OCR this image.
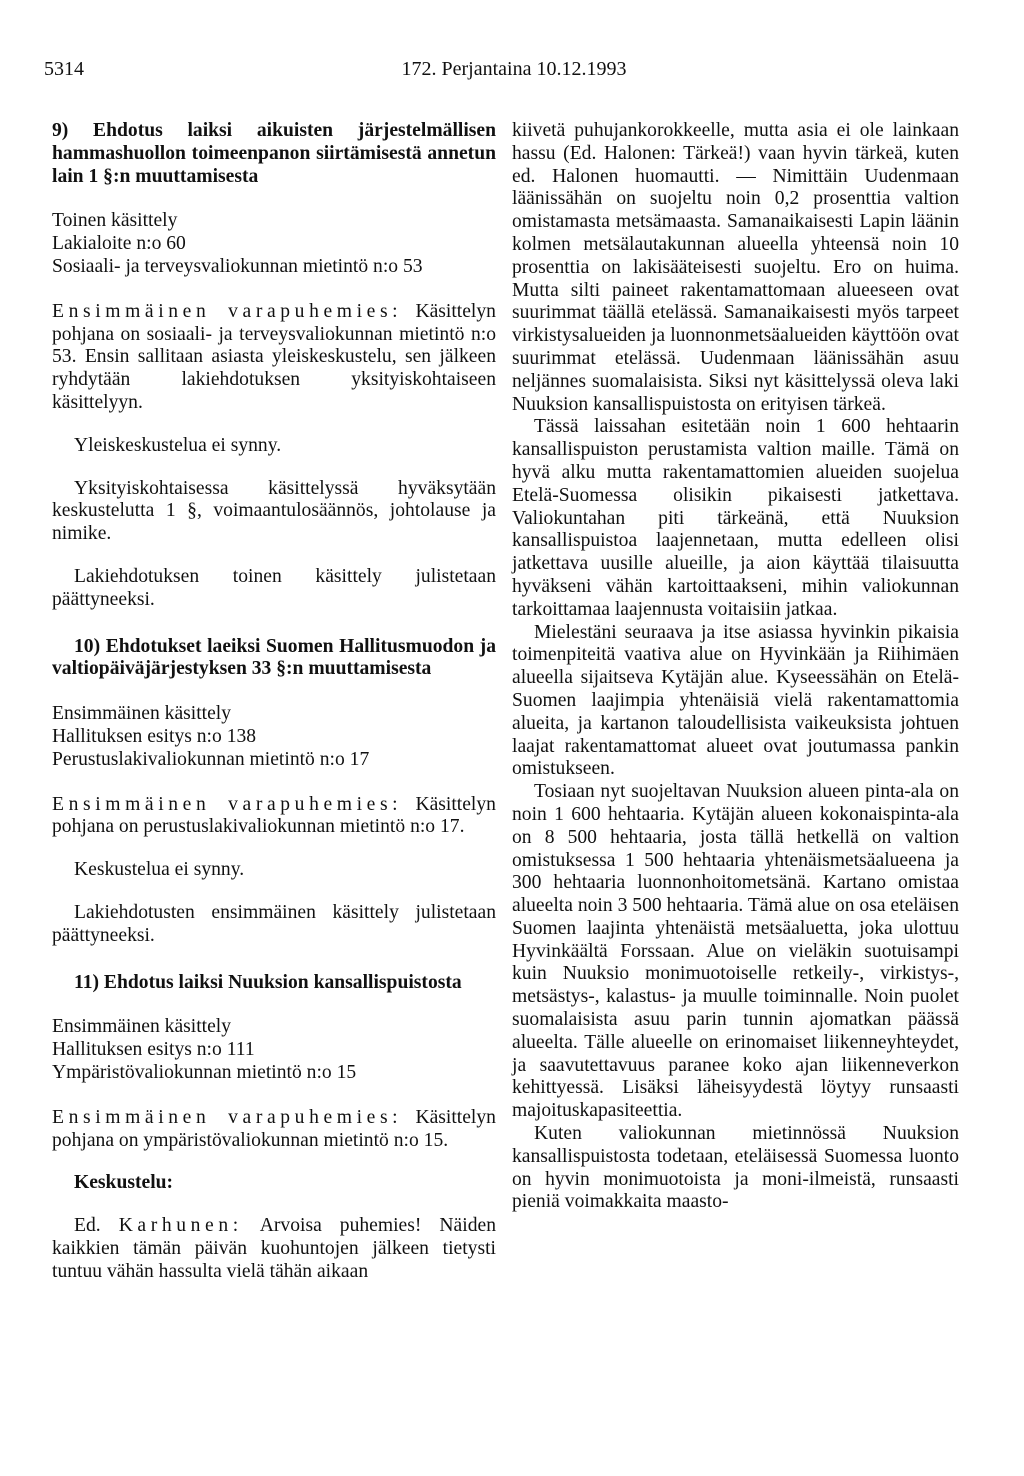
5314	172. Perjantaina 10.12.1993

9) Ehdotus laiksi aikuisten järjestelmällisen hammashuollon toimeenpanon siirtämisestä annetun lain 1 §:n muuttamisesta

Toinen käsittely

Lakialoite n:o 60

Sosiaali- ja terveysvaliokunnan mietintö n:o 53

Ensimmäinen varapuhemies: Käsittelyn pohjana on sosiaali- ja terveysvaliokunnan mietintö n:o 53. Ensin sallitaan asiasta yleiskeskustelu, sen jälkeen ryhdytään lakiehdotuksen yksityiskohtaiseen käsittelyyn.

Yleiskeskustelua ei synny.

Yksityiskohtaisessa käsittelyssä hyväksytään keskustelutta 1 §, voimaantulosäännös, johtolause ja nimike.

Lakiehdotuksen toinen käsittely julistetaan päättyneeksi.

10) Ehdotukset laeiksi Suomen Hallitusmuodon ja valtiopäiväjärjestyksen 33 §:n muuttamisesta

Ensimmäinen käsittely

Hallituksen esitys n:o 138

Perustuslakivaliokunnan mietintö n:o 17

Ensimmäinen varapuhemies: Käsittelyn pohjana on perustuslakivaliokunnan mietintö n:o 17.

Keskustelua ei synny.

Lakiehdotusten ensimmäinen käsittely julistetaan päättyneeksi.

11) Ehdotus laiksi Nuuksion kansallispuistosta

Ensimmäinen käsittely

Hallituksen esitys n:o 111

Ympäristövaliokunnan mietintö n:o 15

Ensimmäinen varapuhemies: Käsittelyn pohjana on ympäristövaliokunnan mietintö n:o 15.

Keskustelu:

Ed. Karhunen: Arvoisa puhemies! Näiden kaikkien tämän päivän kuohuntojen jälkeen tietysti tuntuu vähän hassulta vielä tähän aikaan

kiivetä puhujankorokkeelle, mutta asia ei ole lainkaan hassu (Ed. Halonen: Tärkeä!) vaan hyvin tärkeä, kuten ed. Halonen huomautti. — Nimittäin Uudenmaan läänissähän on suojeltu noin 0,2 prosenttia valtion omistamasta metsämaasta. Samanaikaisesti Lapin läänin kolmen metsälautakunnan alueella yhteensä noin 10 prosenttia on lakisääteisesti suojeltu. Ero on huima. Mutta silti paineet rakentamattomaan alueeseen ovat suurimmat täällä etelässä. Samanaikaisesti myös tarpeet virkistysalueiden ja luonnonmetsäalueiden käyttöön ovat suurimmat etelässä. Uudenmaan läänissähän asuu neljännes suomalaisista. Siksi nyt käsittelyssä oleva laki Nuuksion kansallispuistosta on erityisen tärkeä.

Tässä laissahan esitetään noin 1 600 hehtaarin kansallispuiston perustamista valtion maille. Tämä on hyvä alku mutta rakentamattomien alueiden suojelua Etelä-Suomessa olisikin pikaisesti jatkettava. Valiokuntahan piti tärkeänä, että Nuuksion kansallispuistoa laajennetaan, mutta edelleen olisi jatkettava uusille alueille, ja aion käyttää tilaisuutta hyväkseni vähän kartoittaakseni, mihin valiokunnan tarkoittamaa laajennusta voitaisiin jatkaa.

Mielestäni seuraava ja itse asiassa hyvinkin pikaisia toimenpiteitä vaativa alue on Hyvinkään ja Riihimäen alueella sijaitseva Kytäjän alue. Kyseessähän on Etelä-Suomen laajimpia yhtenäisiä vielä rakentamattomia alueita, ja kartanon taloudellisista vaikeuksista johtuen laajat rakentamattomat alueet ovat joutumassa pankin omistukseen.

Tosiaan nyt suojeltavan Nuuksion alueen pinta-ala on noin 1 600 hehtaaria. Kytäjän alueen kokonaispinta-ala on 8 500 hehtaaria, josta tällä hetkellä on valtion omistuksessa 1 500 hehtaaria yhtenäismetsäalueena ja 300 hehtaaria luonnonhoitometsänä. Kartano omistaa alueelta noin 3 500 hehtaaria. Tämä alue on osa eteläisen Suomen laajinta yhtenäistä metsäaluetta, joka ulottuu Hyvinkäältä Forssaan. Alue on vieläkin suotuisampi kuin Nuuksio monimuotoiselle retkeily-, virkistys-, metsästys-, kalastus- ja muulle toiminnalle. Noin puolet suomalaisista asuu parin tunnin ajomatkan päässä alueelta. Tälle alueelle on erinomaiset liikenneyhteydet, ja saavutettavuus paranee koko ajan liikenneverkon kehittyessä. Lisäksi läheisyydestä löytyy runsaasti majoituskapasiteettia.

Kuten valiokunnan mietinnössä Nuuksion kansallispuistosta todetaan, eteläisessä Suomessa luonto on hyvin monimuotoista ja moni-ilmeistä, runsaasti pieniä voimakkaita maasto-
